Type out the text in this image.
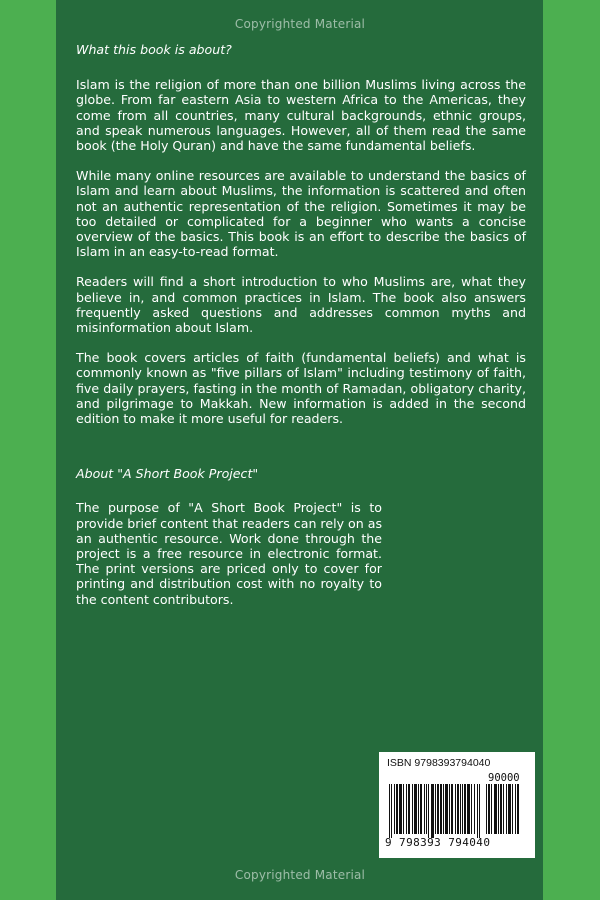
Copyrighted Material
What this book is about?
Islam is the religion of more than one billion Muslims living across the globe. From far eastern Asia to western Africa to the Americas, they come from all countries, many cultural backgrounds, ethnic groups, and speak numerous languages. However, all of them read the same book (the Holy Quran) and have the same fundamental beliefs.
While many online resources are available to understand the basics of Islam and learn about Muslims, the information is scattered and often not an authentic representation of the religion. Sometimes it may be too detailed or complicated for a beginner who wants a concise overview of the basics. This book is an effort to describe the basics of Islam in an easy-to-read format.
Readers will find a short introduction to who Muslims are, what they believe in, and common practices in Islam. The book also answers frequently asked questions and addresses common myths and misinformation about Islam.
The book covers articles of faith (fundamental beliefs) and what is commonly known as "five pillars of Islam" including testimony of faith, five daily prayers, fasting in the month of Ramadan, obligatory charity, and pilgrimage to Makkah. New information is added in the second edition to make it more useful for readers.
About "A Short Book Project"
The purpose of "A Short Book Project" is to provide brief content that readers can rely on as an authentic resource. Work done through the project is a free resource in electronic format. The print versions are priced only to cover for printing and distribution cost with no royalty to the content contributors.
ISBN 9798393794040
90000
9 798393 794040
Copyrighted Material
